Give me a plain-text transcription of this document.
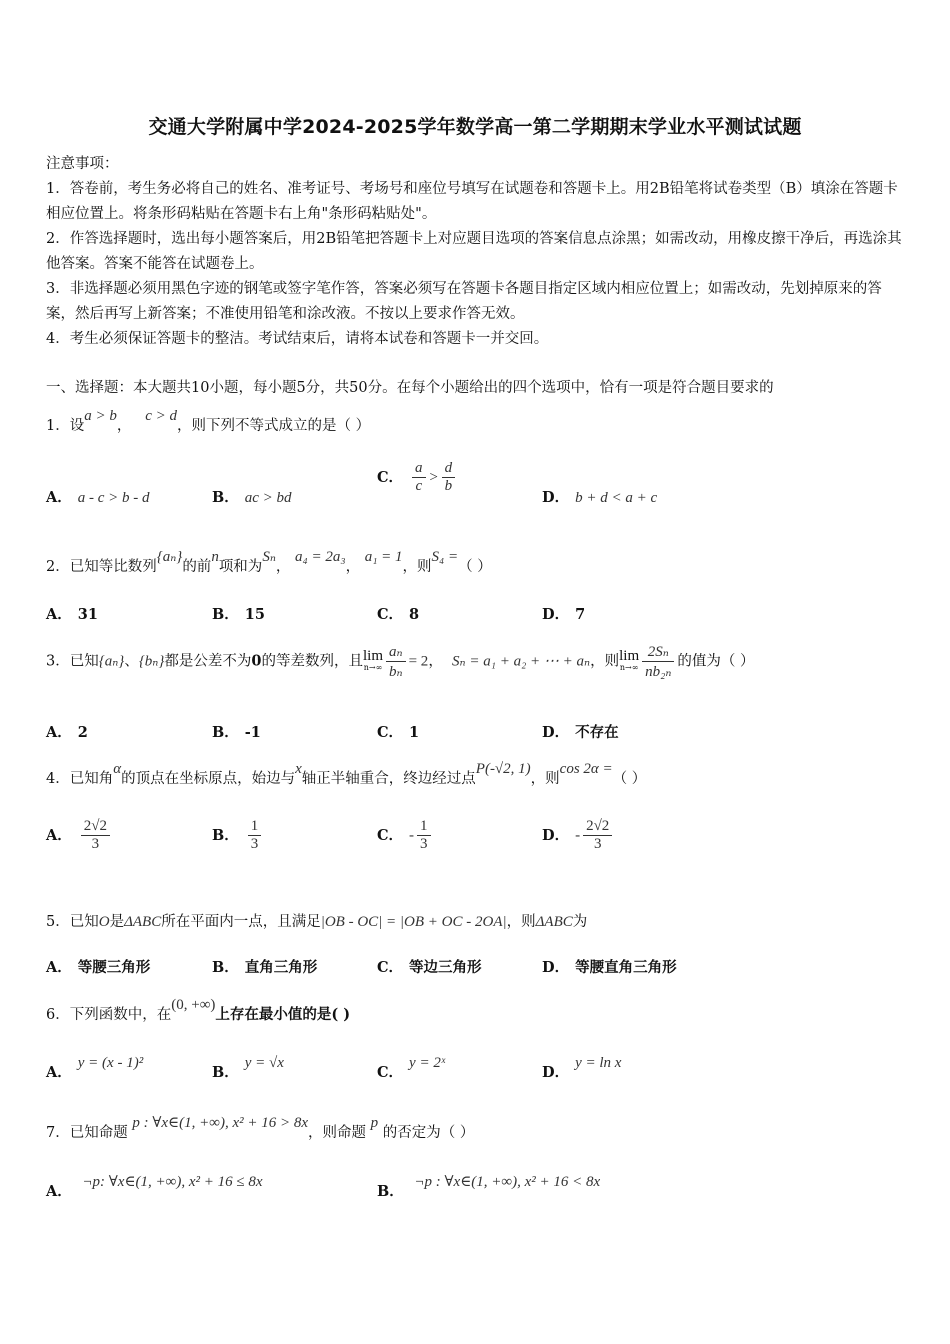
交通大学附属中学2024-2025学年数学高一第二学期期末学业水平测试试题

注意事项：

1．答卷前，考生务必将自己的姓名、准考证号、考场号和座位号填写在试题卷和答题卡上。用2B铅笔将试卷类型（B）填涂在答题卡相应位置上。将条形码粘贴在答题卡右上角"条形码粘贴处"。

2．作答选择题时，选出每小题答案后，用2B铅笔把答题卡上对应题目选项的答案信息点涂黑；如需改动，用橡皮擦干净后，再选涂其他答案。答案不能答在试题卷上。

3．非选择题必须用黑色字迹的钢笔或签字笔作答，答案必须写在答题卡各题目指定区域内相应位置上；如需改动，先划掉原来的答案，然后再写上新答案；不准使用铅笔和涂改液。不按以上要求作答无效。

4．考生必须保证答题卡的整洁。考试结束后，请将本试卷和答题卡一并交回。

一、选择题：本大题共10小题，每小题5分，共50分。在每个小题给出的四个选项中，恰有一项是符合题目要求的
1．设a > b，   c > d，则下列不等式成立的是（ ）
A． a - c > b - d	B． ac > bd
C． $\frac{a}{c} > \frac{d}{b}$
D． b + d < a + c
2．已知等比数列{aₙ}的前n项和为Sₙ， a₄ = 2a₃， a₁ = 1，则S₄ =（ ）
A． 31	B． 15	C． 8	D． 7
3．已知{aₙ}、{bₙ}都是公差不为0的等差数列，且 lim
$n\to\infty \frac{\text{aₙ}}{\text{bₙ}} = 2$， Sₙ = a₁ + a₂ + ⋯ + aₙ，则 lim
$n\to\infty \frac{\text{2Sₙ}}{\text{nb₂ₙ}}$ 的值为（ ）
A． 2	B． -1	C． 1	D． 不存在
4．已知角α的顶点在坐标原点，始边与x轴正半轴重合，终边经过点P(-√2, 1)，则cos 2α =（ ）
A． $\frac{2√2}{3}$	B． $\frac{1}{3}$	C． - $\frac{1}{3}$	D． - $\frac{2√2}{3}$
5．已知O是ΔABC所在平面内一点，且满足|OB - OC| = |OB + OC - 2OA|，则ΔABC为
A． 等腰三角形	B． 直角三角形	C． 等边三角形	D． 等腰直角三角形
6．下列函数中，在(0, +∞)上存在最小值的是( )
A．y = (x - 1)²
B．y = √x
C．y = 2ˣ
D．y = ln x
7．已知命题 p : ∀x∈(1, +∞), x² + 16 > 8x，则命题 p 的否定为（ ）
A． ¬p: ∀x∈(1, +∞), x² + 16 ≤ 8x
B． ¬p : ∀x∈(1, +∞), x² + 16 < 8x
